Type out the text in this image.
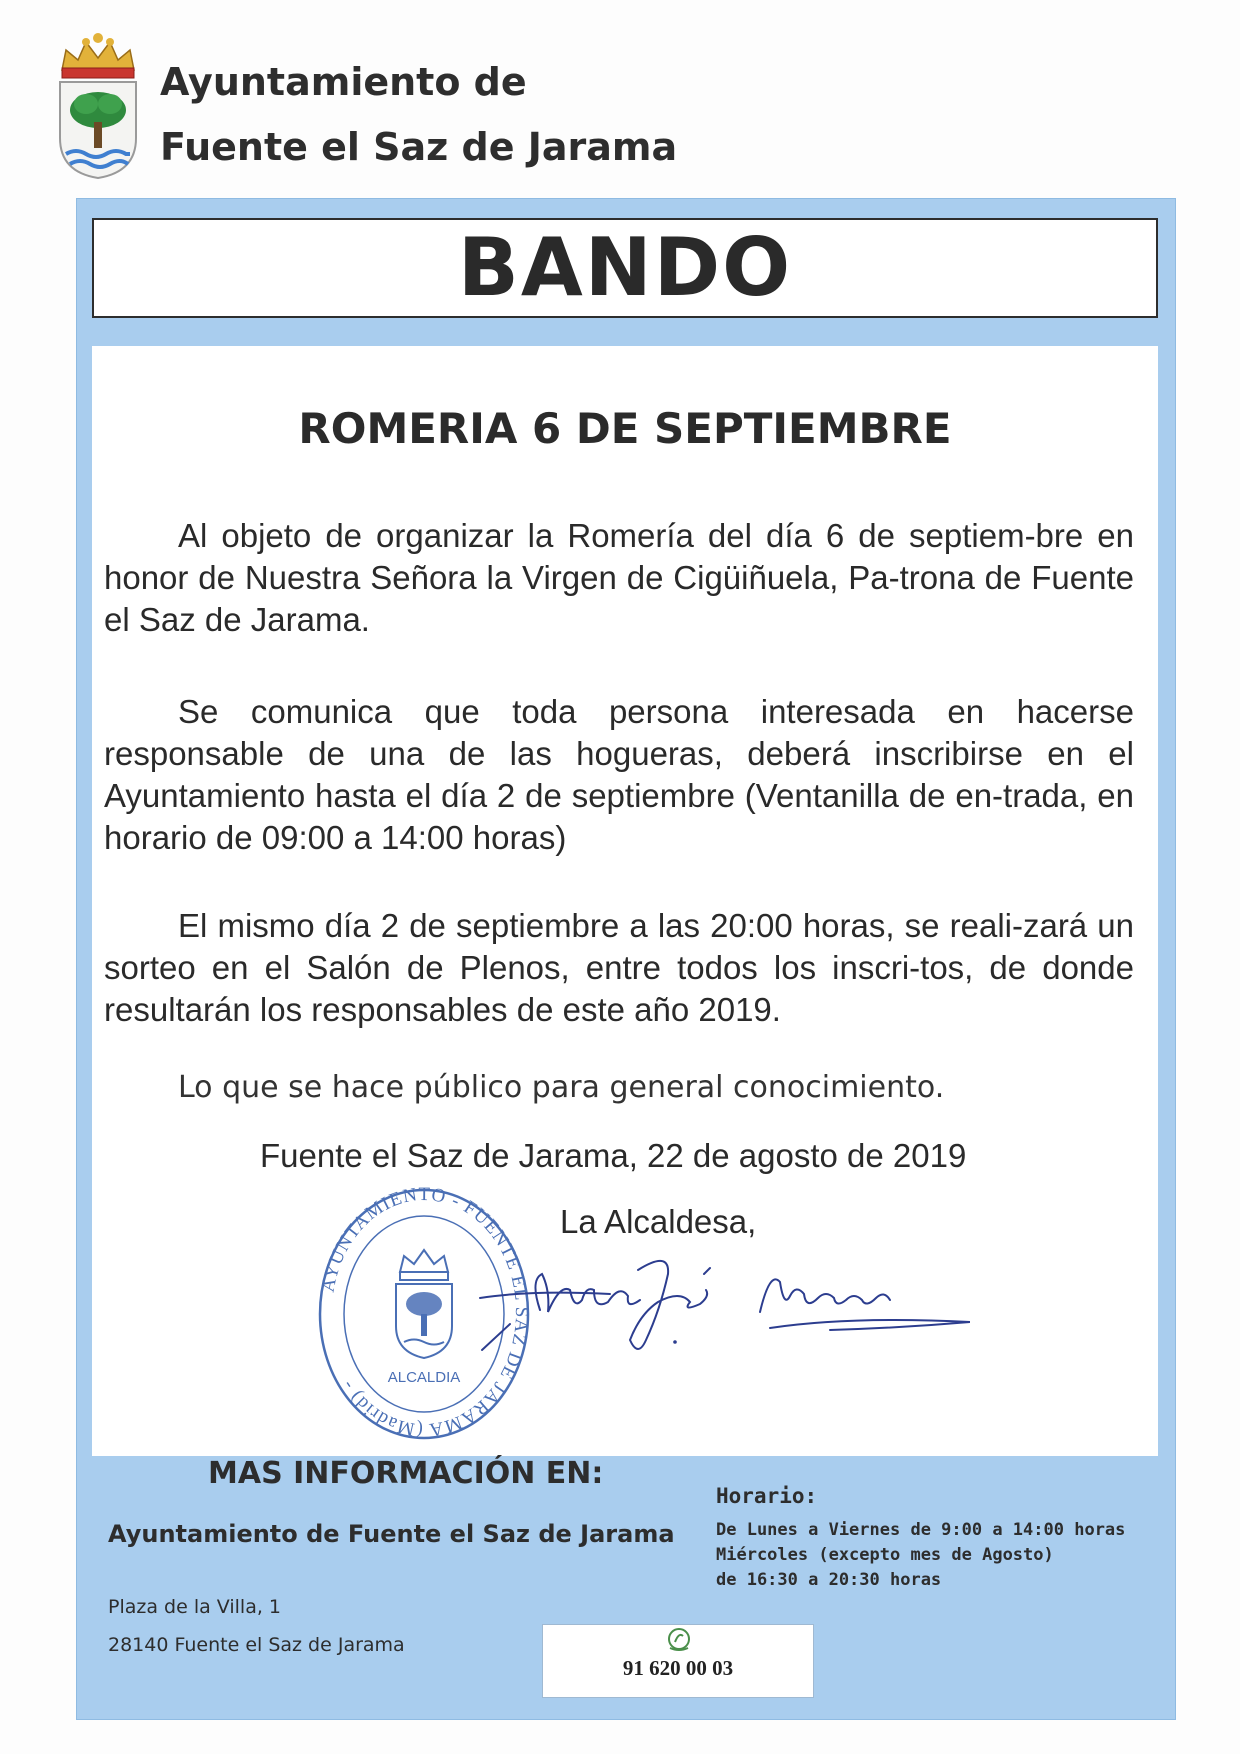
Ayuntamiento de
Fuente el Saz de Jarama
BANDO
ROMERIA 6 DE SEPTIEMBRE
Al objeto de organizar la Romería del día 6 de septiem-bre en honor de Nuestra Señora la Virgen de Cigüiñuela, Pa-trona de Fuente el Saz de Jarama.
Se comunica que toda persona interesada en hacerse responsable de una de las hogueras, deberá inscribirse en el Ayuntamiento hasta el día 2 de septiembre (Ventanilla de en-trada, en horario de 09:00 a 14:00 horas)
El mismo día 2 de septiembre a las 20:00 horas, se reali-zará un sorteo en el Salón de Plenos, entre todos los inscri-tos, de donde resultarán los responsables de este año 2019.
Lo que se hace público para general conocimiento.
Fuente el Saz de Jarama, 22 de agosto de 2019
La Alcaldesa,
AYUNTAMIENTO - FUENTE EL SAZ DE JARAMA (Madrid) -	ALCALDIA
MAS INFORMACIÓN EN:
Ayuntamiento de Fuente el Saz de Jarama
Plaza de la Villa, 1
28140 Fuente el Saz de Jarama
Horario:
De Lunes a Viernes de 9:00 a 14:00 horas
Miércoles (excepto mes de Agosto)
de 16:30 a 20:30 horas
91 620 00 03
